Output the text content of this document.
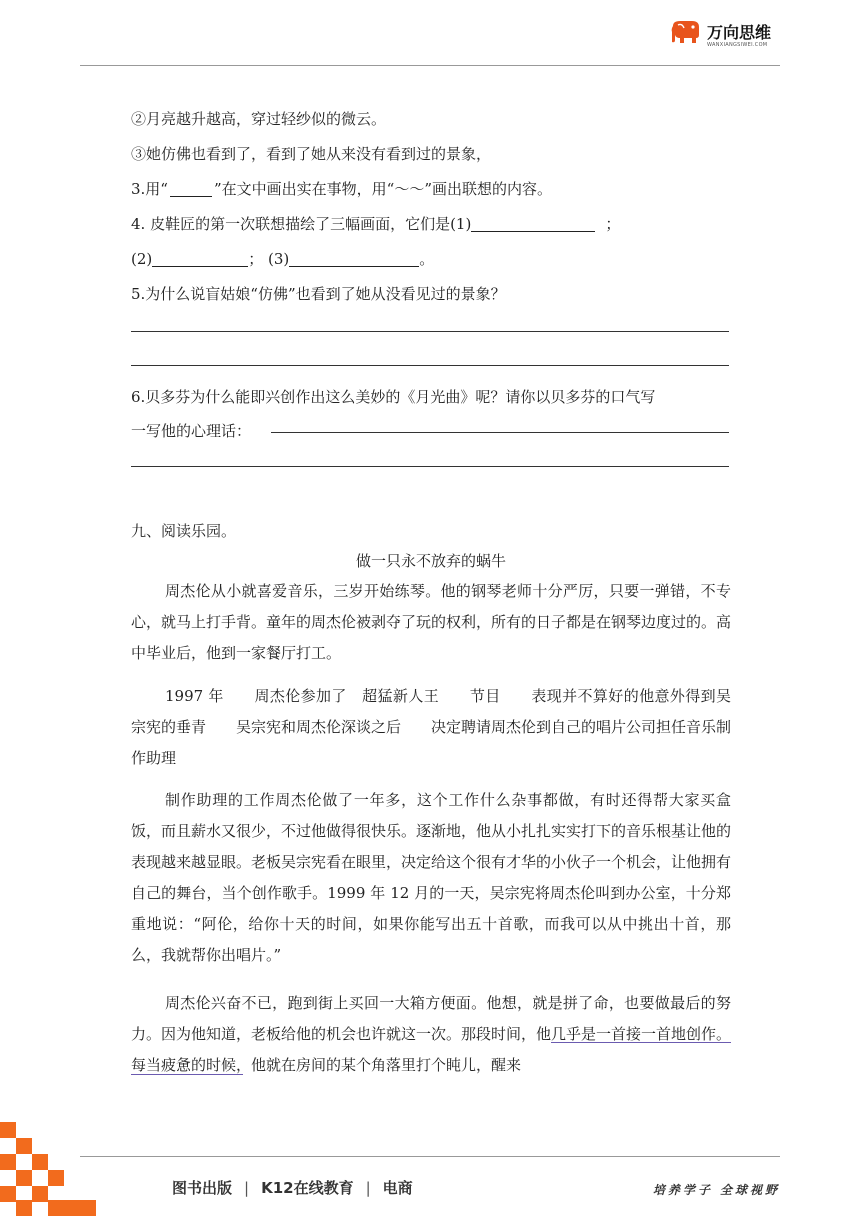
万向思维
WANXIANGSIWEI.COM
②月亮越升越高，穿过轻纱似的微云。
③她仿佛也看到了，看到了她从来没有看到过的景象，
3.用“	”在文中画出实在事物，用“～～”画出联想的内容。
4. 皮鞋匠的第一次联想描绘了三幅画面，它们是(1)	；
(2)	； (3)	。
5.为什么说盲姑娘“仿佛”也看到了她从没看见过的景象？
6.贝多芬为什么能即兴创作出这么美妙的《月光曲》呢？请你以贝多芬的口气写
一写他的心理话：
九、阅读乐园。
做一只永不放弃的蜗牛
周杰伦从小就喜爱音乐，三岁开始练琴。他的钢琴老师十分严厉，只要一弹错，不专心，就马上打手背。童年的周杰伦被剥夺了玩的权利，所有的日子都是在钢琴边度过的。高中毕业后，他到一家餐厅打工。
1997 年　　周杰伦参加了　超猛新人王　　节目　　表现并不算好的他意外得到吴宗宪的垂青　　吴宗宪和周杰伦深谈之后　　决定聘请周杰伦到自己的唱片公司担任音乐制作助理
制作助理的工作周杰伦做了一年多，这个工作什么杂事都做，有时还得帮大家买盒饭，而且薪水又很少，不过他做得很快乐。逐渐地，他从小扎扎实实打下的音乐根基让他的表现越来越显眼。老板吴宗宪看在眼里，决定给这个很有才华的小伙子一个机会，让他拥有自己的舞台，当个创作歌手。1999 年 12 月的一天，吴宗宪将周杰伦叫到办公室，十分郑重地说：“阿伦，给你十天的时间，如果你能写出五十首歌，而我可以从中挑出十首，那么，我就帮你出唱片。”
周杰伦兴奋不已，跑到街上买回一大箱方便面。他想，就是拼了命，也要做最后的努力。因为他知道，老板给他的机会也许就这一次。那段时间，他几乎是一首接一首地创作。每当疲惫的时候，他就在房间的某个角落里打个盹儿，醒来
图书出版 | K12在线教育 | 电商	培养学子 全球视野
